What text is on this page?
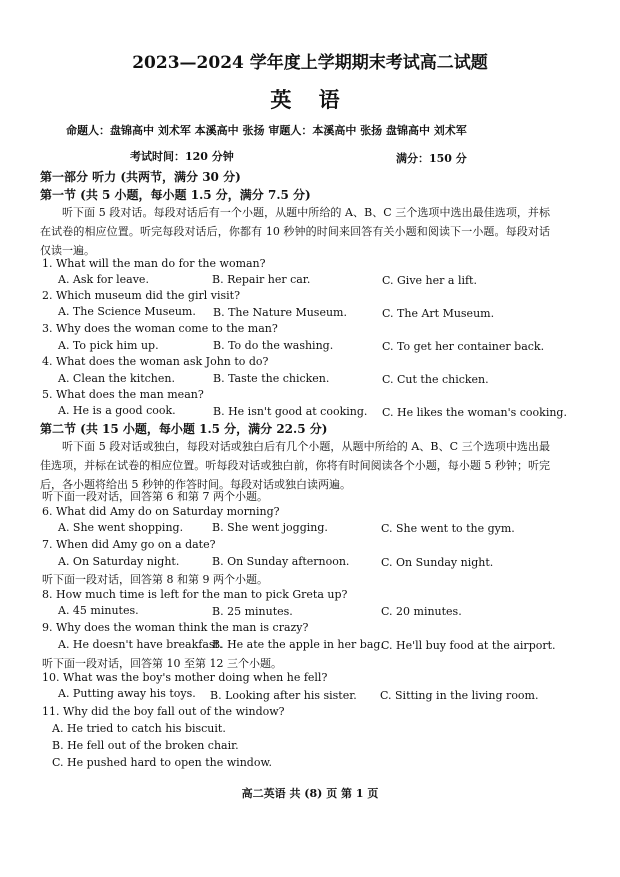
2023—2024 学年度上学期期末考试高二试题
英 语
命题人：盘锦高中 刘术军 本溪高中 张扬 审题人：本溪高中 张扬 盘锦高中 刘术军
考试时间：120 分钟	满分：150 分
第一部分 听力 (共两节，满分 30 分)
第一节 (共 5 小题，每小题 1.5 分，满分 7.5 分)
听下面 5 段对话。每段对话后有一个小题，从题中所给的 A、B、C 三个选项中选出最佳选项，并标在试卷的相应位置。听完每段对话后，你都有 10 秒钟的时间来回答有关小题和阅读下一小题。每段对话仅读一遍。
1. What will the man do for the woman?
A. Ask for leave.	B. Repair her car.	C. Give her a lift.
2. Which museum did the girl visit?
A. The Science Museum. B. The Nature Museum.	C. The Art Museum.
3. Why does the woman come to the man?
A. To pick him up.	B. To do the washing.	C. To get her container back.
4. What does the woman ask John to do?
A. Clean the kitchen.	B. Taste the chicken.	C. Cut the chicken.
5. What does the man mean?
A. He is a good cook.	B. He isn't good at cooking. C. He likes the woman's cooking.
第二节 (共 15 小题，每小题 1.5 分，满分 22.5 分)
听下面 5 段对话或独白，每段对话或独白后有几个小题，从题中所给的 A、B、C 三个选项中选出最佳选项，并标在试卷的相应位置。听每段对话或独白前，你将有时间阅读各个小题，每小题 5 秒钟；听完后，各小题将给出 5 秒钟的作答时间。每段对话或独白读两遍。
听下面一段对话，回答第 6 和第 7 两个小题。
6. What did Amy do on Saturday morning?
A. She went shopping.	B. She went jogging.	C. She went to the gym.
7. When did Amy go on a date?
A. On Saturday night.	B. On Sunday afternoon.	C. On Sunday night.
听下面一段对话，回答第 8 和第 9 两个小题。
8. How much time is left for the man to pick Greta up?
A. 45 minutes.	B. 25 minutes.	C. 20 minutes.
9. Why does the woman think the man is crazy?
A. He doesn't have breakfast.
B. He ate the apple in her bag.
C. He'll buy food at the airport.
听下面一段对话，回答第 10 至第 12 三个小题。
10. What was the boy's mother doing when he fell?
A. Putting away his toys. B. Looking after his sister. C. Sitting in the living room.
11. Why did the boy fall out of the window?
A. He tried to catch his biscuit.
B. He fell out of the broken chair.
C. He pushed hard to open the window.
高二英语 共 (8) 页 第 1 页
